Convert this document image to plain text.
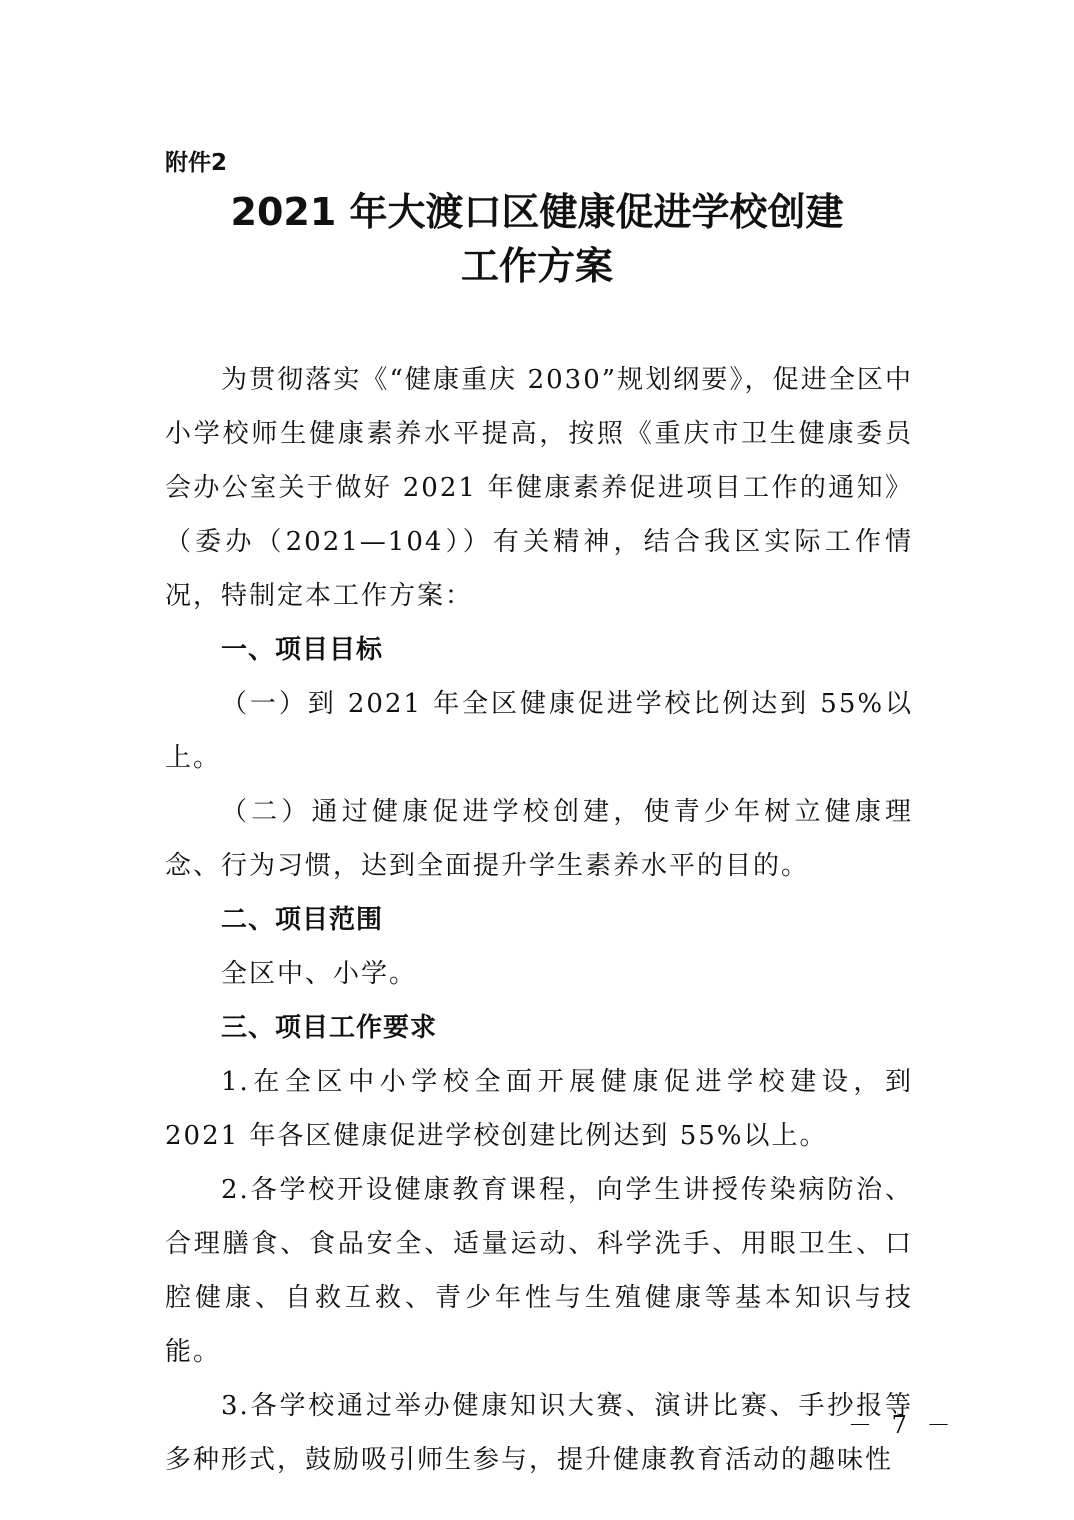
附件2
2021 年大渡口区健康促进学校创建
工作方案

为贯彻落实《“健康重庆 2030”规划纲要》，促进全区中小学校师生健康素养水平提高，按照《重庆市卫生健康委员会办公室关于做好 2021 年健康素养促进项目工作的通知》（委办（2021—104））有关精神，结合我区实际工作情况，特制定本工作方案：

一、项目目标

（一）到 2021 年全区健康促进学校比例达到 55%以上。

（二）通过健康促进学校创建，使青少年树立健康理念、行为习惯，达到全面提升学生素养水平的目的。

二、项目范围

全区中、小学。

三、项目工作要求

1.在全区中小学校全面开展健康促进学校建设，到 2021 年各区健康促进学校创建比例达到 55%以上。

2.各学校开设健康教育课程，向学生讲授传染病防治、合理膳食、食品安全、适量运动、科学洗手、用眼卫生、口腔健康、自救互救、青少年性与生殖健康等基本知识与技能。

3.各学校通过举办健康知识大赛、演讲比赛、手抄报等多种形式，鼓励吸引师生参与，提升健康教育活动的趣味性

－ 7 －
